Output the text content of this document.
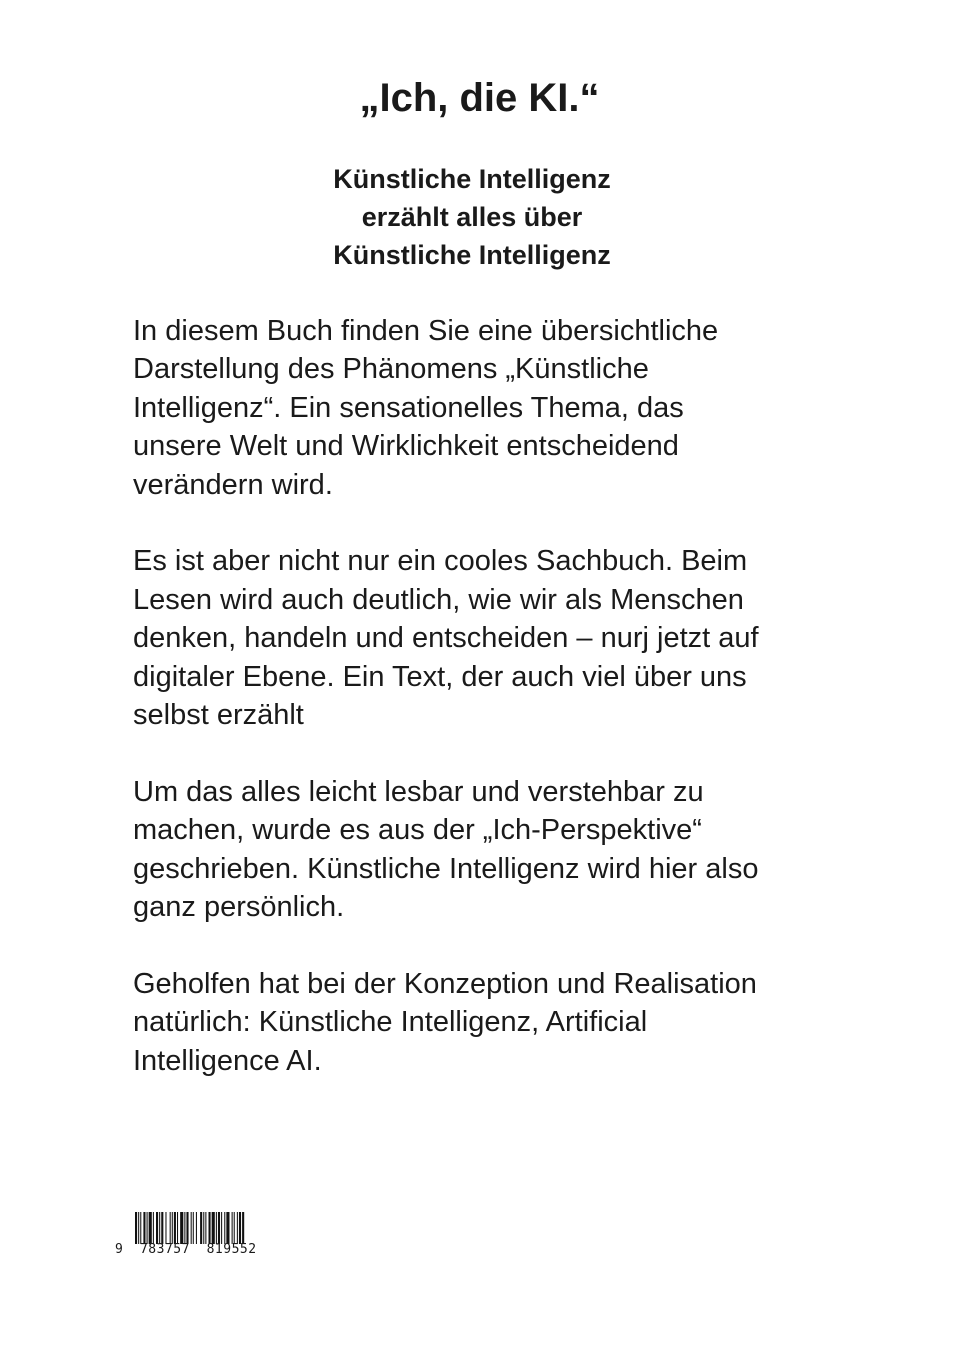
„Ich, die KI.“
Künstliche Intelligenz
erzählt alles über
Künstliche Intelligenz

In diesem Buch finden Sie eine übersichtliche
Darstellung des Phänomens „Künstliche
Intelligenz“. Ein sensationelles Thema, das
unsere Welt und Wirklichkeit entscheidend
verändern wird.

Es ist aber nicht nur ein cooles Sachbuch. Beim
Lesen wird auch deutlich, wie wir als Menschen
denken, handeln und entscheiden – nurj jetzt auf
digitaler Ebene. Ein Text, der auch viel über uns
selbst erzählt

Um das alles leicht lesbar und verstehbar zu
machen, wurde es aus der „Ich-Perspektive“
geschrieben. Künstliche Intelligenz wird hier also
ganz persönlich.

Geholfen hat bei der Konzeption und Realisation
natürlich: Künstliche Intelligenz, Artificial
Intelligence AI.

9  783757  819552
